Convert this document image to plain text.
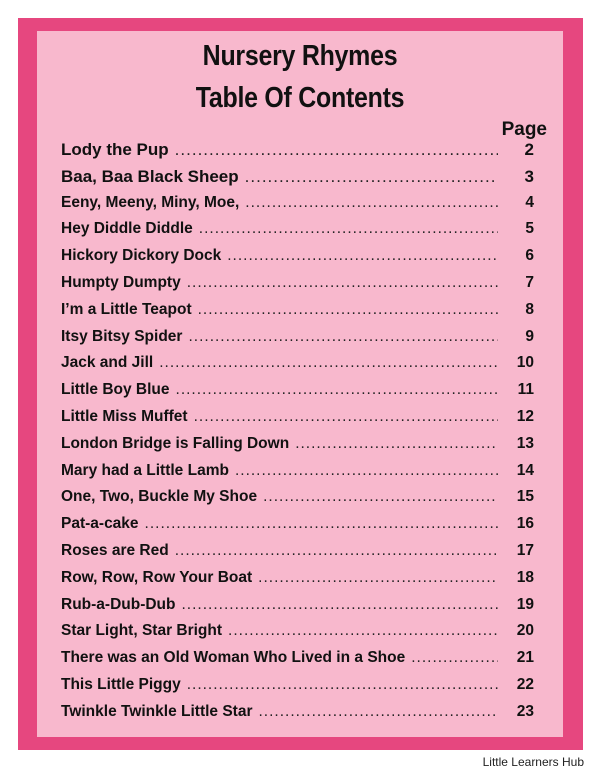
Nursery Rhymes
Table Of Contents
Page
Lody the Pup .....	2
Baa, Baa Black Sheep .....	3
Eeny, Meeny, Miny, Moe, .....	4
Hey Diddle Diddle .....	5
Hickory Dickory Dock .....	6
Humpty Dumpty .....	7
I’m a Little Teapot .....	8
Itsy Bitsy Spider .....	9
Jack and Jill .....	10
Little Boy Blue .....	11
Little Miss Muffet .....	12
London Bridge is Falling Down .....	13
Mary had a Little Lamb .....	14
One, Two, Buckle My Shoe .....	15
Pat-a-cake .....	16
Roses are Red .....	17
Row, Row, Row Your Boat .....	18
Rub-a-Dub-Dub .....	19
Star Light, Star Bright .....	20
There was an Old Woman Who Lived in a Shoe .....	21
This Little Piggy .....	22
Twinkle Twinkle Little Star .....	23
Little Learners Hub
